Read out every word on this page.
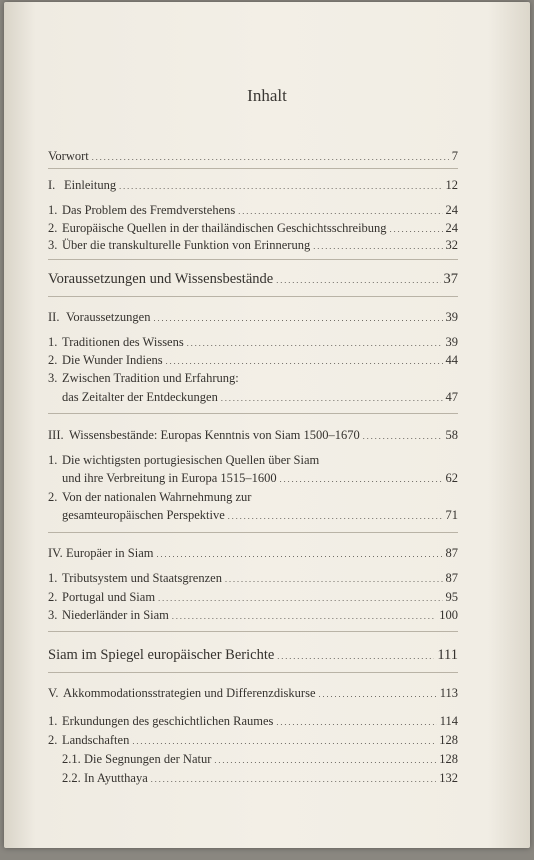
Inhalt
Vorwort . . .	7
I. Einleitung . . .	12
1. Das Problem des Fremdverstehens . . .	24
2. Europäische Quellen in der thailändischen Geschichtsschreibung . . .	24
3. Über die transkulturelle Funktion von Erinnerung . . .	32
Voraussetzungen und Wissensbestände . . .	37
II. Voraussetzungen . . .	39
1. Traditionen des Wissens . . .	39
2. Die Wunder Indiens . . .	44
3. Zwischen Tradition und Erfahrung:
das Zeitalter der Entdeckungen . . .	47
III. Wissensbestände: Europas Kenntnis von Siam 1500–1670 . . .	58
1. Die wichtigsten portugiesischen Quellen über Siam
und ihre Verbreitung in Europa 1515–1600 . . .	62
2. Von der nationalen Wahrnehmung zur
gesamteuropäischen Perspektive . . .	71
IV. Europäer in Siam . . .	87
1. Tributsystem und Staatsgrenzen . . .	87
2. Portugal und Siam . . .	95
3. Niederländer in Siam . . .	100
Siam im Spiegel europäischer Berichte . . .	111
V. Akkommodationsstrategien und Differenzdiskurse . . .	113
1. Erkundungen des geschichtlichen Raumes . . .	114
2. Landschaften . . .	128
2.1. Die Segnungen der Natur . . .	128
2.2. In Ayutthaya . . .	132
